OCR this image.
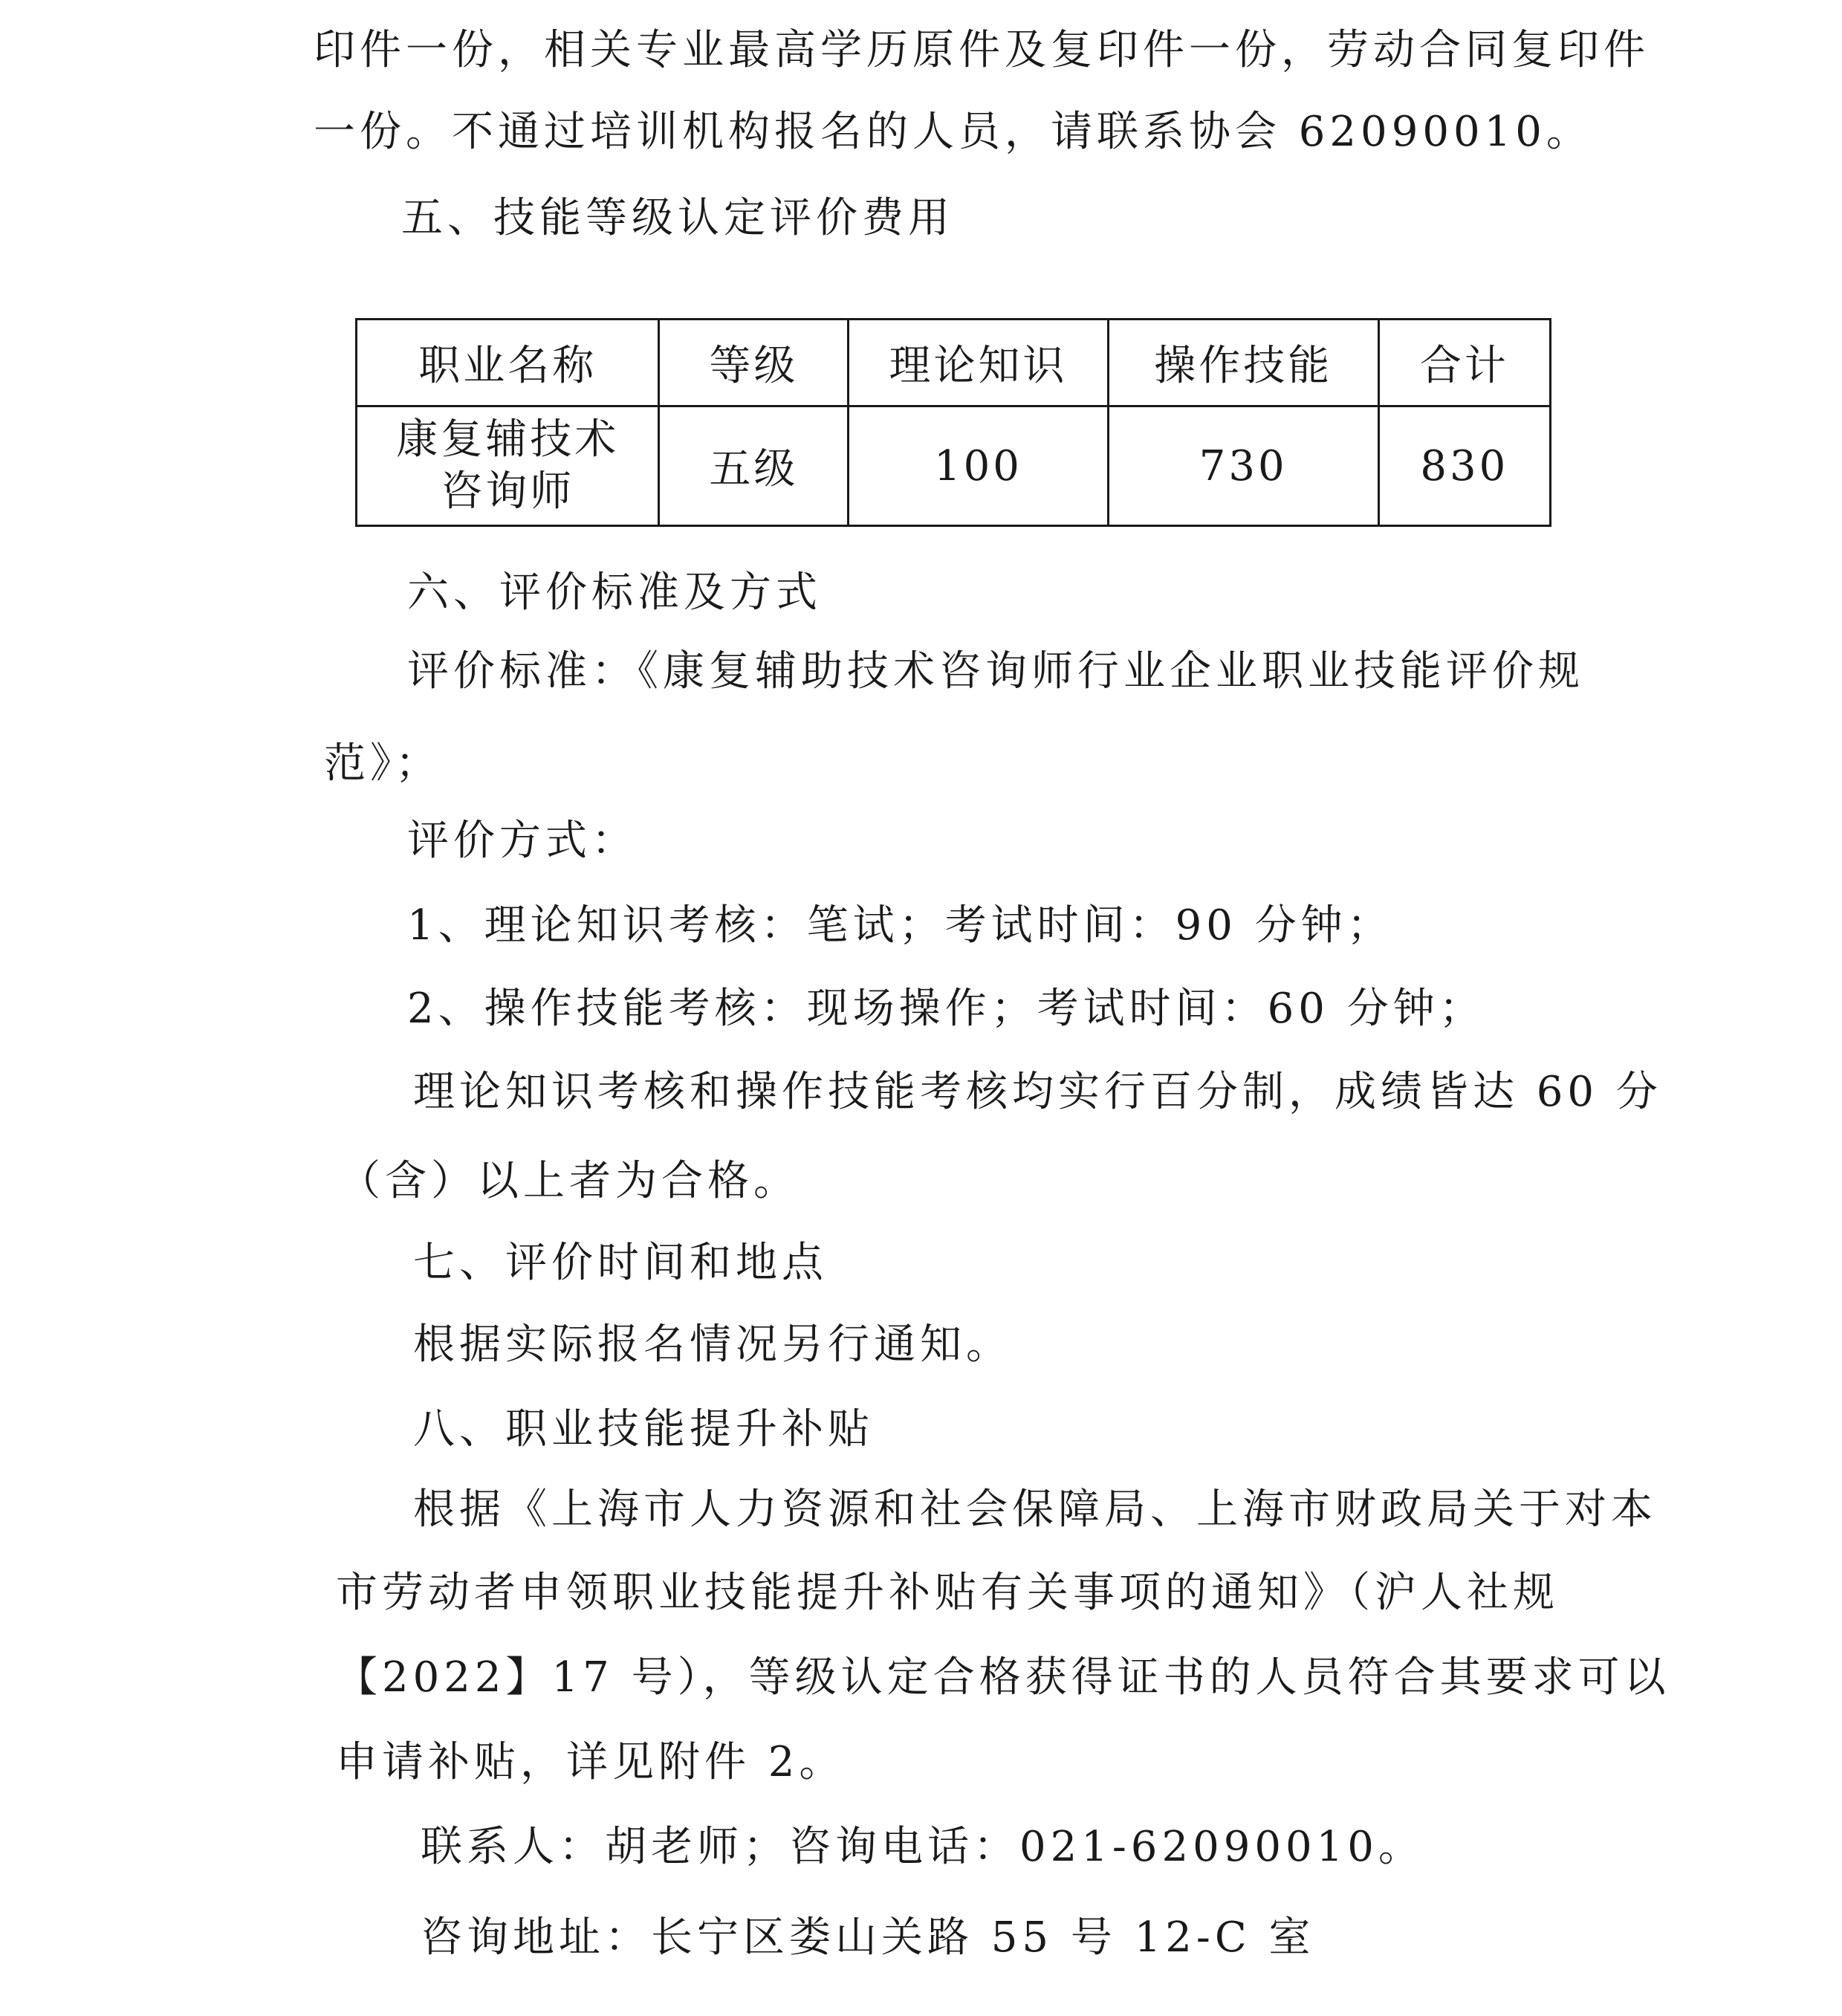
印件一份，相关专业最高学历原件及复印件一份，劳动合同复印件
一份。不通过培训机构报名的人员，请联系协会 62090010。
五、技能等级认定评价费用
职业名称	等级	理论知识	操作技能	合计

康复辅技术
咨询师	五级	100	730	830
六、评价标准及方式
评价标准：《康复辅助技术咨询师行业企业职业技能评价规
范》；
评价方式：
1、理论知识考核：笔试；考试时间：90 分钟；
2、操作技能考核：现场操作；考试时间：60 分钟；
理论知识考核和操作技能考核均实行百分制，成绩皆达 60 分
（含）以上者为合格。
七、评价时间和地点
根据实际报名情况另行通知。
八、职业技能提升补贴
根据《上海市人力资源和社会保障局、上海市财政局关于对本
市劳动者申领职业技能提升补贴有关事项的通知》（沪人社规
【2022】17 号），等级认定合格获得证书的人员符合其要求可以
申请补贴，详见附件 2。
联系人：胡老师；咨询电话：021-62090010。
咨询地址：长宁区娄山关路 55 号 12-C 室
